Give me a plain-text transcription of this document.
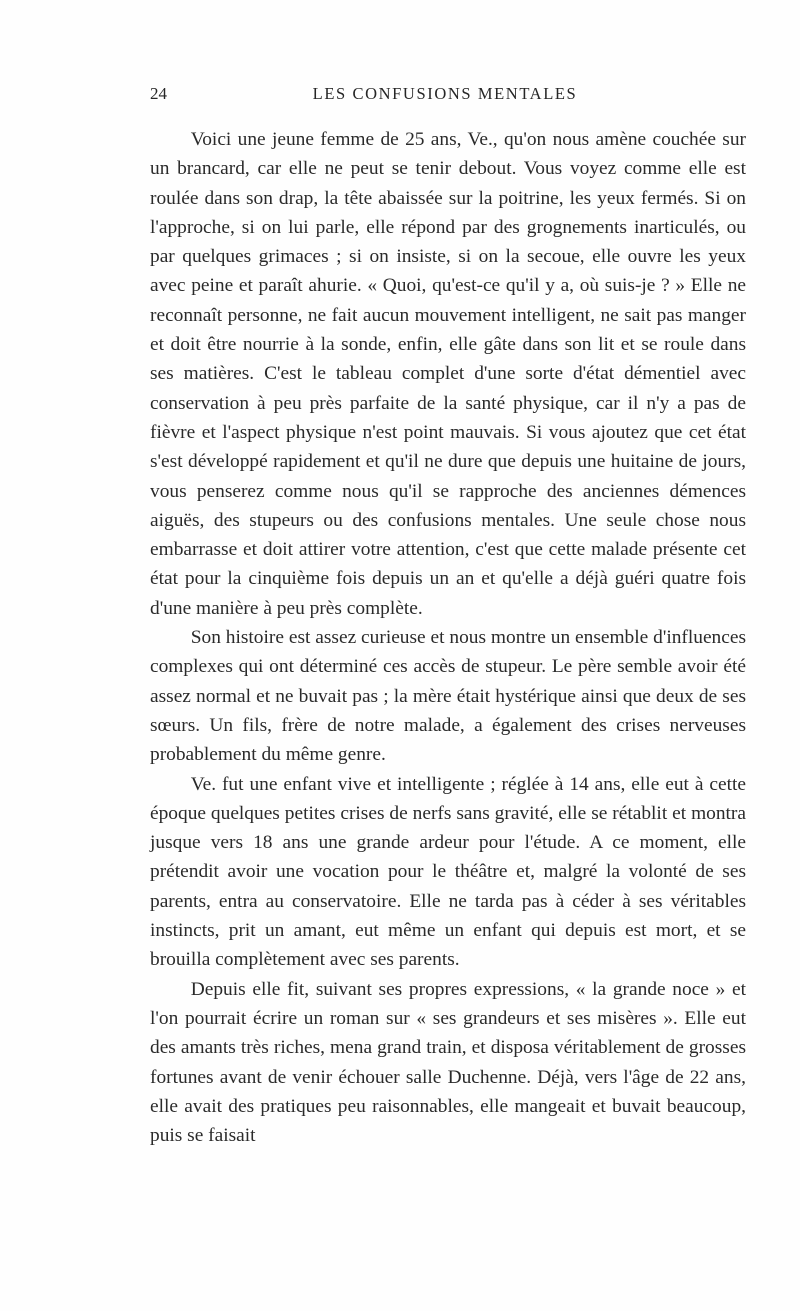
24	LES CONFUSIONS MENTALES

Voici une jeune femme de 25 ans, Ve., qu'on nous amène couchée sur un brancard, car elle ne peut se tenir debout. Vous voyez comme elle est roulée dans son drap, la tête abaissée sur la poitrine, les yeux fermés. Si on l'approche, si on lui parle, elle répond par des grognements inarticulés, ou par quelques grimaces ; si on insiste, si on la secoue, elle ouvre les yeux avec peine et paraît ahurie. « Quoi, qu'est-ce qu'il y a, où suis-je ? » Elle ne reconnaît personne, ne fait aucun mouvement intelligent, ne sait pas manger et doit être nourrie à la sonde, enfin, elle gâte dans son lit et se roule dans ses matières. C'est le tableau complet d'une sorte d'état démentiel avec conservation à peu près parfaite de la santé physique, car il n'y a pas de fièvre et l'aspect physique n'est point mauvais. Si vous ajoutez que cet état s'est développé rapidement et qu'il ne dure que depuis une huitaine de jours, vous penserez comme nous qu'il se rapproche des anciennes démences aiguës, des stupeurs ou des confusions mentales. Une seule chose nous embarrasse et doit attirer votre attention, c'est que cette malade présente cet état pour la cinquième fois depuis un an et qu'elle a déjà guéri quatre fois d'une manière à peu près complète.

Son histoire est assez curieuse et nous montre un ensemble d'influences complexes qui ont déterminé ces accès de stupeur. Le père semble avoir été assez normal et ne buvait pas ; la mère était hystérique ainsi que deux de ses sœurs. Un fils, frère de notre malade, a également des crises nerveuses probablement du même genre.

Ve. fut une enfant vive et intelligente ; réglée à 14 ans, elle eut à cette époque quelques petites crises de nerfs sans gravité, elle se rétablit et montra jusque vers 18 ans une grande ardeur pour l'étude. A ce moment, elle prétendit avoir une vocation pour le théâtre et, malgré la volonté de ses parents, entra au conservatoire. Elle ne tarda pas à céder à ses véritables instincts, prit un amant, eut même un enfant qui depuis est mort, et se brouilla complètement avec ses parents.

Depuis elle fit, suivant ses propres expressions, « la grande noce » et l'on pourrait écrire un roman sur « ses grandeurs et ses misères ». Elle eut des amants très riches, mena grand train, et disposa véritablement de grosses fortunes avant de venir échouer salle Duchenne. Déjà, vers l'âge de 22 ans, elle avait des pratiques peu raisonnables, elle mangeait et buvait beaucoup, puis se faisait
